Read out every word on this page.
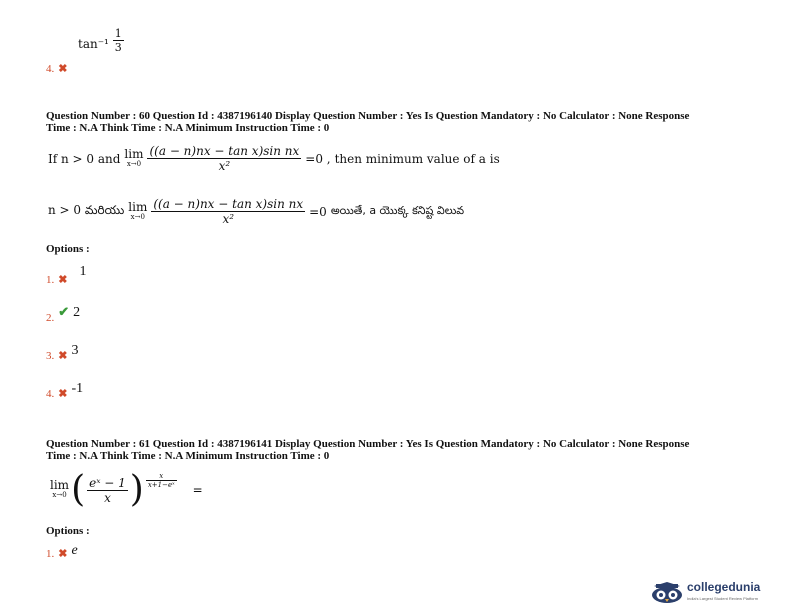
$\tan^{-1} \frac{1}{3}$
4. ✖
Question Number : 60 Question Id : 4387196140 Display Question Number : Yes Is Question Mandatory : No Calculator : None Response
Time : N.A Think Time : N.A Minimum Instruction Time : 0
If n > 0 and lim
$x\to 0 \frac{\text{((a − n)nx − tan x)sin nx}}{\text{x²}} =0$ , then minimum value of a is
n > 0 మరియు lim
$x\to 0 \frac{\text{((a − n)nx − tan x)sin nx}}{\text{x²}} =0$ అయితే, a యొక్క కనిష్ట విలువ
Options :
$_{1.}$ $_✖$ 1
$_{2.}$ ✔ 2
$_{3.}$ $_✖$ 3
$_{4.}$ $_✖$ -1
Question Number : 61 Question Id : 4387196141 Display Question Number : Yes Is Question Mandatory : No Calculator : None Response
Time : N.A Think Time : N.A Minimum Instruction Time : 0
lim
x→0 ( $\frac{\text{eˣ − 1}}{x}$ ) $\frac{x}{\text{x+1−eˣ}}$
=
Options :
1. ✖ e
collegedunia
India's Largest Student Review Platform
